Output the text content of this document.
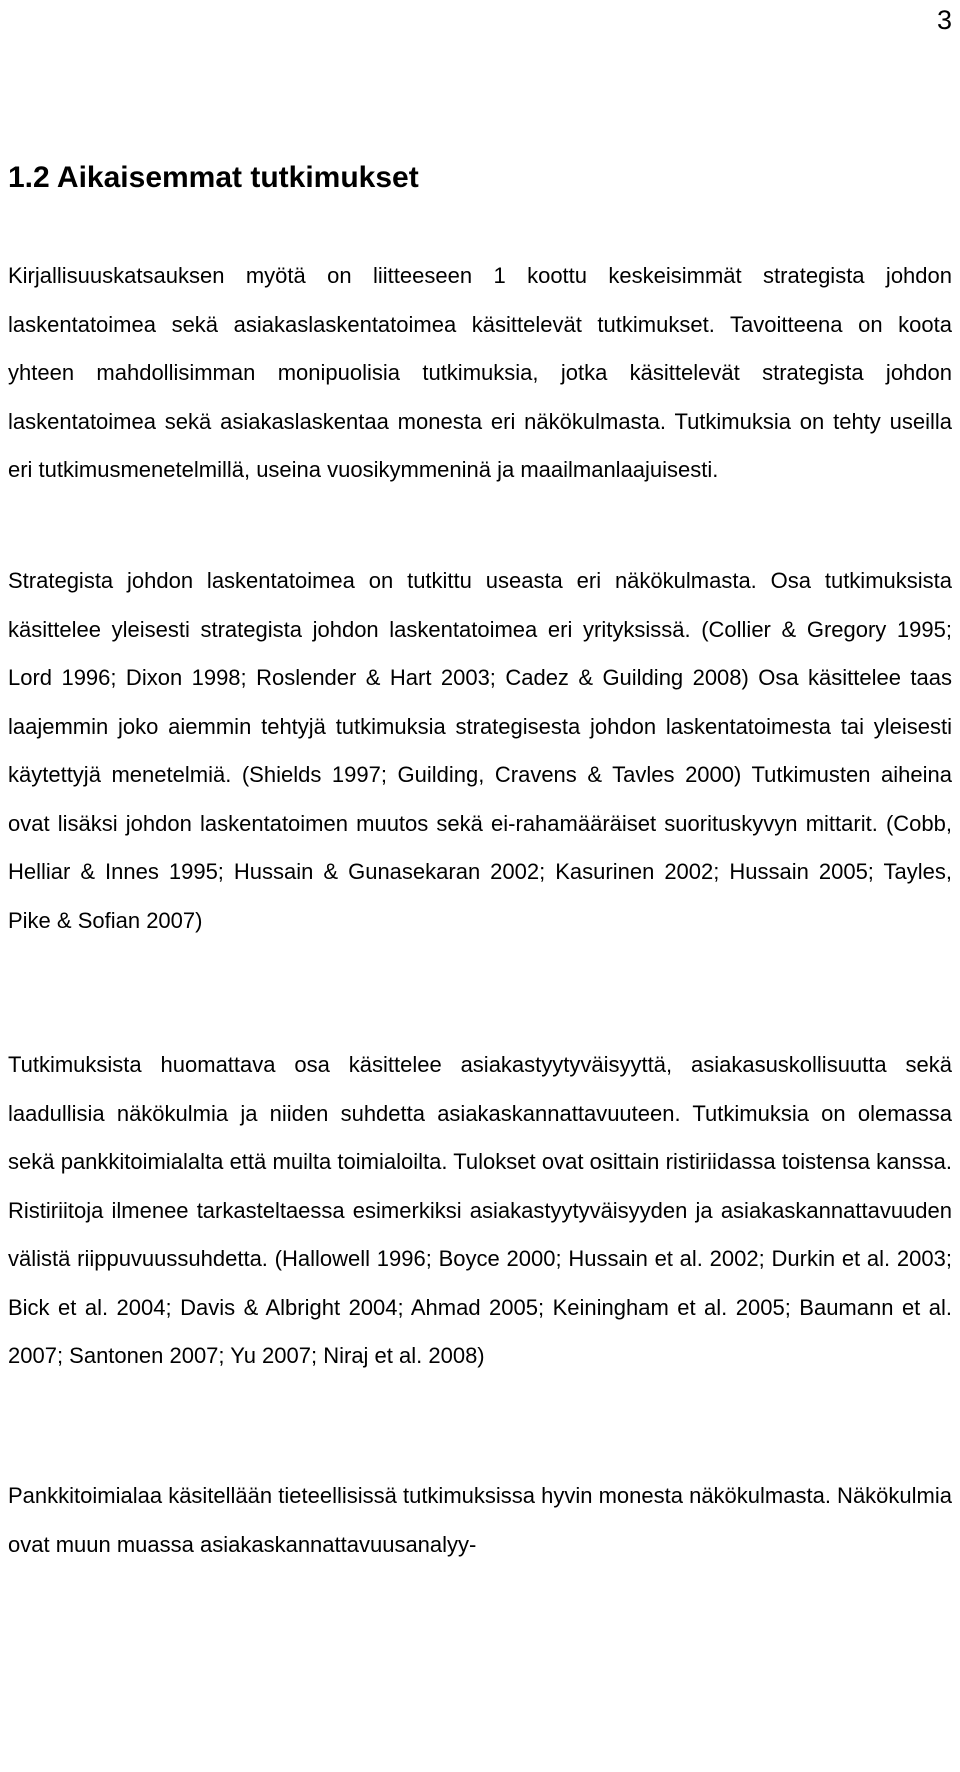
3
1.2 Aikaisemmat tutkimukset

Kirjallisuuskatsauksen myötä on liitteeseen 1 koottu keskeisimmät strategista johdon laskentatoimea sekä asiakaslaskentatoimea käsittelevät tutkimukset. Tavoitteena on koota yhteen mahdollisimman monipuolisia tutkimuksia, jotka käsittelevät strategista johdon laskentatoimea sekä asiakaslaskentaa monesta eri näkökulmasta. Tutkimuksia on tehty useilla eri tutkimusmenetelmillä, useina vuosikymmeninä ja maailmanlaajuisesti.

Strategista johdon laskentatoimea on tutkittu useasta eri näkökulmasta. Osa tutkimuksista käsittelee yleisesti strategista johdon laskentatoimea eri yrityksissä. (Collier & Gregory 1995; Lord 1996; Dixon 1998; Roslender & Hart 2003; Cadez & Guilding 2008) Osa käsittelee taas laajemmin joko aiemmin tehtyjä tutkimuksia strategisesta johdon laskentatoimesta tai yleisesti käytettyjä menetelmiä. (Shields 1997; Guilding, Cravens & Tavles 2000) Tutkimusten aiheina ovat lisäksi johdon laskentatoimen muutos sekä ei-rahamääräiset suorituskyvyn mittarit. (Cobb, Helliar & Innes 1995; Hussain & Gunasekaran 2002; Kasurinen 2002; Hussain 2005; Tayles, Pike & Sofian 2007)

Tutkimuksista huomattava osa käsittelee asiakastyytyväisyyttä, asiakasuskollisuutta sekä laadullisia näkökulmia ja niiden suhdetta asiakaskannattavuuteen. Tutkimuksia on olemassa sekä pankkitoimialalta että muilta toimialoilta. Tulokset ovat osittain ristiriidassa toistensa kanssa. Ristiriitoja ilmenee tarkasteltaessa esimerkiksi asiakastyytyväisyyden ja asiakaskannattavuuden välistä riippuvuussuhdetta. (Hallowell 1996; Boyce 2000; Hussain et al. 2002; Durkin et al. 2003; Bick et al. 2004; Davis & Albright 2004; Ahmad 2005; Keiningham et al. 2005; Baumann et al. 2007; Santonen 2007; Yu 2007; Niraj et al. 2008)

Pankkitoimialaa käsitellään tieteellisissä tutkimuksissa hyvin monesta näkökulmasta. Näkökulmia ovat muun muassa asiakaskannattavuusanalyy-
